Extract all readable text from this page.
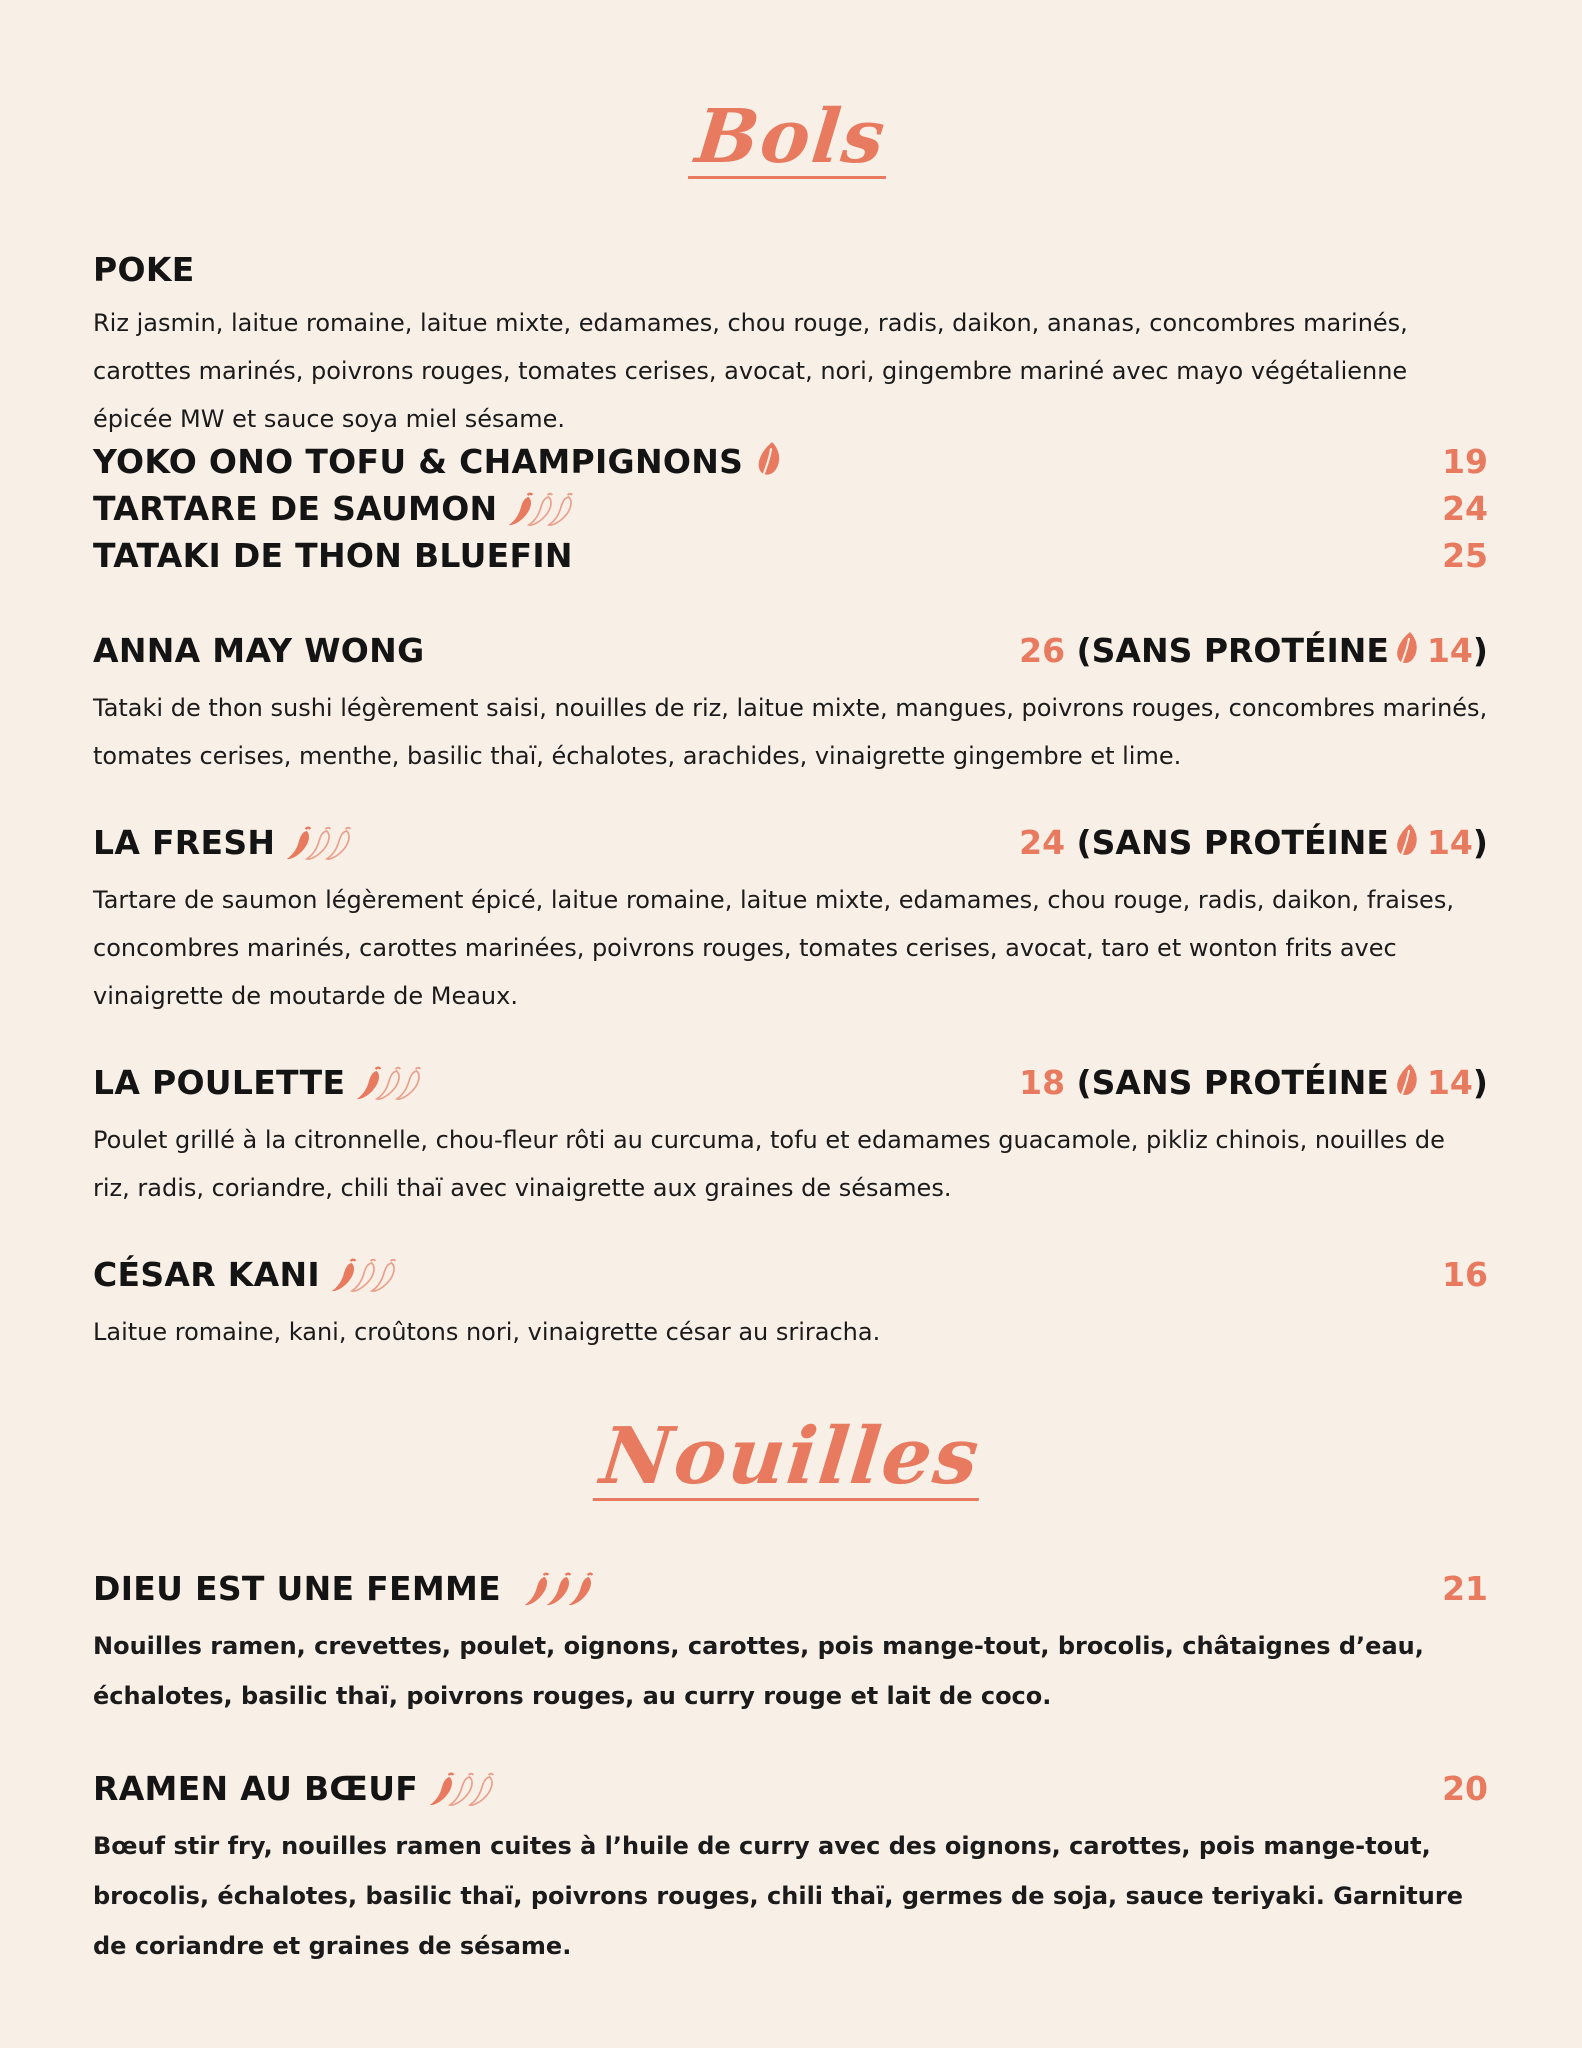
Bols
POKE
Riz jasmin, laitue romaine, laitue mixte, edamames, chou rouge, radis, daikon, ananas, concombres marinés, carottes marinés, poivrons rouges, tomates cerises, avocat, nori, gingembre mariné avec mayo végétalienne épicée MW et sauce soya miel sésame.
YOKO ONO TOFU & CHAMPIGNONS	19
TARTARE DE SAUMON	24
TATAKI DE THON BLUEFIN	25
ANNA MAY WONG	26 ( SANS PROTÉINE 14 )
Tataki de thon sushi légèrement saisi, nouilles de riz, laitue mixte, mangues, poivrons rouges, concombres marinés, tomates cerises, menthe, basilic thaï, échalotes, arachides, vinaigrette gingembre et lime.
LA FRESH	24 ( SANS PROTÉINE 14 )
Tartare de saumon légèrement épicé, laitue romaine, laitue mixte, edamames, chou rouge, radis, daikon, fraises, concombres marinés, carottes marinées, poivrons rouges, tomates cerises, avocat, taro et wonton frits avec vinaigrette de moutarde de Meaux.
LA POULETTE	18 ( SANS PROTÉINE 14 )
Poulet grillé à la citronnelle, chou-fleur rôti au curcuma, tofu et edamames guacamole, pikliz chinois, nouilles de riz, radis, coriandre, chili thaï avec vinaigrette aux graines de sésames.
CÉSAR KANI	16
Laitue romaine, kani, croûtons nori, vinaigrette césar au sriracha.
Nouilles
DIEU EST UNE FEMME	21
Nouilles ramen, crevettes, poulet, oignons, carottes, pois mange-tout, brocolis, châtaignes d’eau, échalotes, basilic thaï, poivrons rouges, au curry rouge et lait de coco.
RAMEN AU BŒUF	20
Bœuf stir fry, nouilles ramen cuites à l’huile de curry avec des oignons, carottes, pois mange-tout, brocolis, échalotes, basilic thaï, poivrons rouges, chili thaï, germes de soja, sauce teriyaki. Garniture de coriandre et graines de sésame.
